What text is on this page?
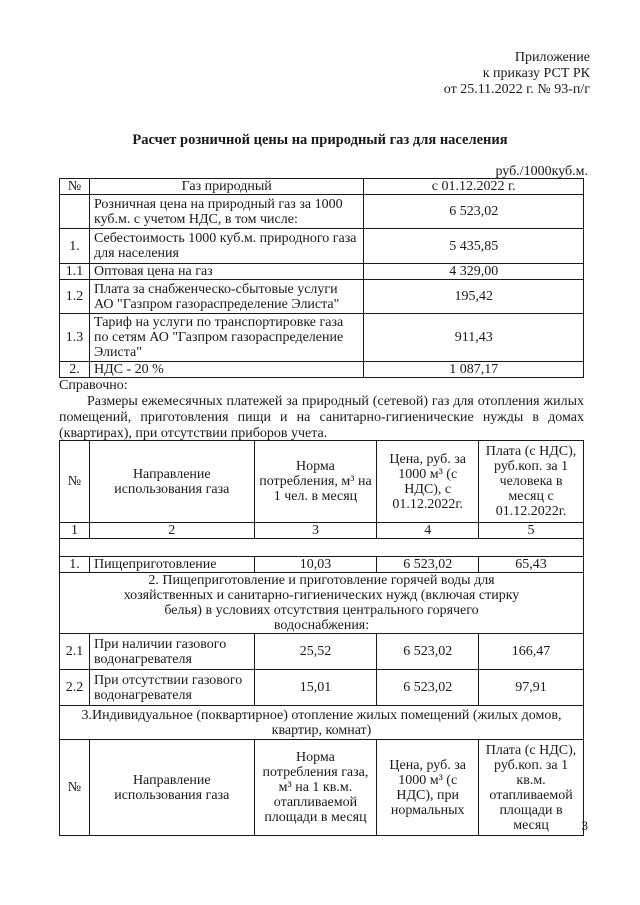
Приложение
к приказу РСТ РК
от 25.11.2022 г. № 93-п/г
Расчет розничной цены на природный газ для населения
руб./1000куб.м.
№	Газ природный	с 01.12.2022 г.
	Розничная цена на природный газ за 1000 куб.м. с учетом НДС, в том числе:	6 523,02
1.	Себестоимость 1000 куб.м. природного газа для населения	5 435,85
1.1	Оптовая цена на газ	4 329,00
1.2	Плата за снабженческо-сбытовые услуги АО "Газпром газораспределение Элиста"	195,42
1.3	Тариф на услуги по транспортировке газа по сетям АО "Газпром газораспределение Элиста"	911,43
2.	НДС - 20 %	1 087,17
Справочно:
Размеры ежемесячных платежей за природный (сетевой) газ для отопления жилых помещений, приготовления пищи и на санитарно-гигиенические нужды в домах (квартирах), при отсутствии приборов учета.
№	Направление использования газа	Норма потребления, м³ на 1 чел. в месяц	Цена, руб. за 1000 м³ (с НДС), с 01.12.2022г.	Плата (с НДС), руб.коп. за 1 человека в месяц с 01.12.2022г.
1	2	3	4	5

1.	Пищеприготовление	10,03	6 523,02	65,43
2. Пищеприготовление и приготовление горячей воды для хозяйственных и санитарно-гигиенических нужд (включая стирку белья) в условиях отсутствия центрального горячего водоснабжения:				
2.1	При наличии газового водонагревателя	25,52	6 523,02	166,47
2.2	При отсутствии газового водонагревателя	15,01	6 523,02	97,91
3.Индивидуальное (поквартирное) отопление жилых помещений (жилых домов, квартир, комнат)				
№	Направление использования газа	Норма потребления газа, м³ на 1 кв.м. отапливаемой площади в месяц	Цена, руб. за 1000 м³ (с НДС), при нормальных	Плата (с НДС), руб.коп. за 1 кв.м. отапливаемой площади в месяц	3
